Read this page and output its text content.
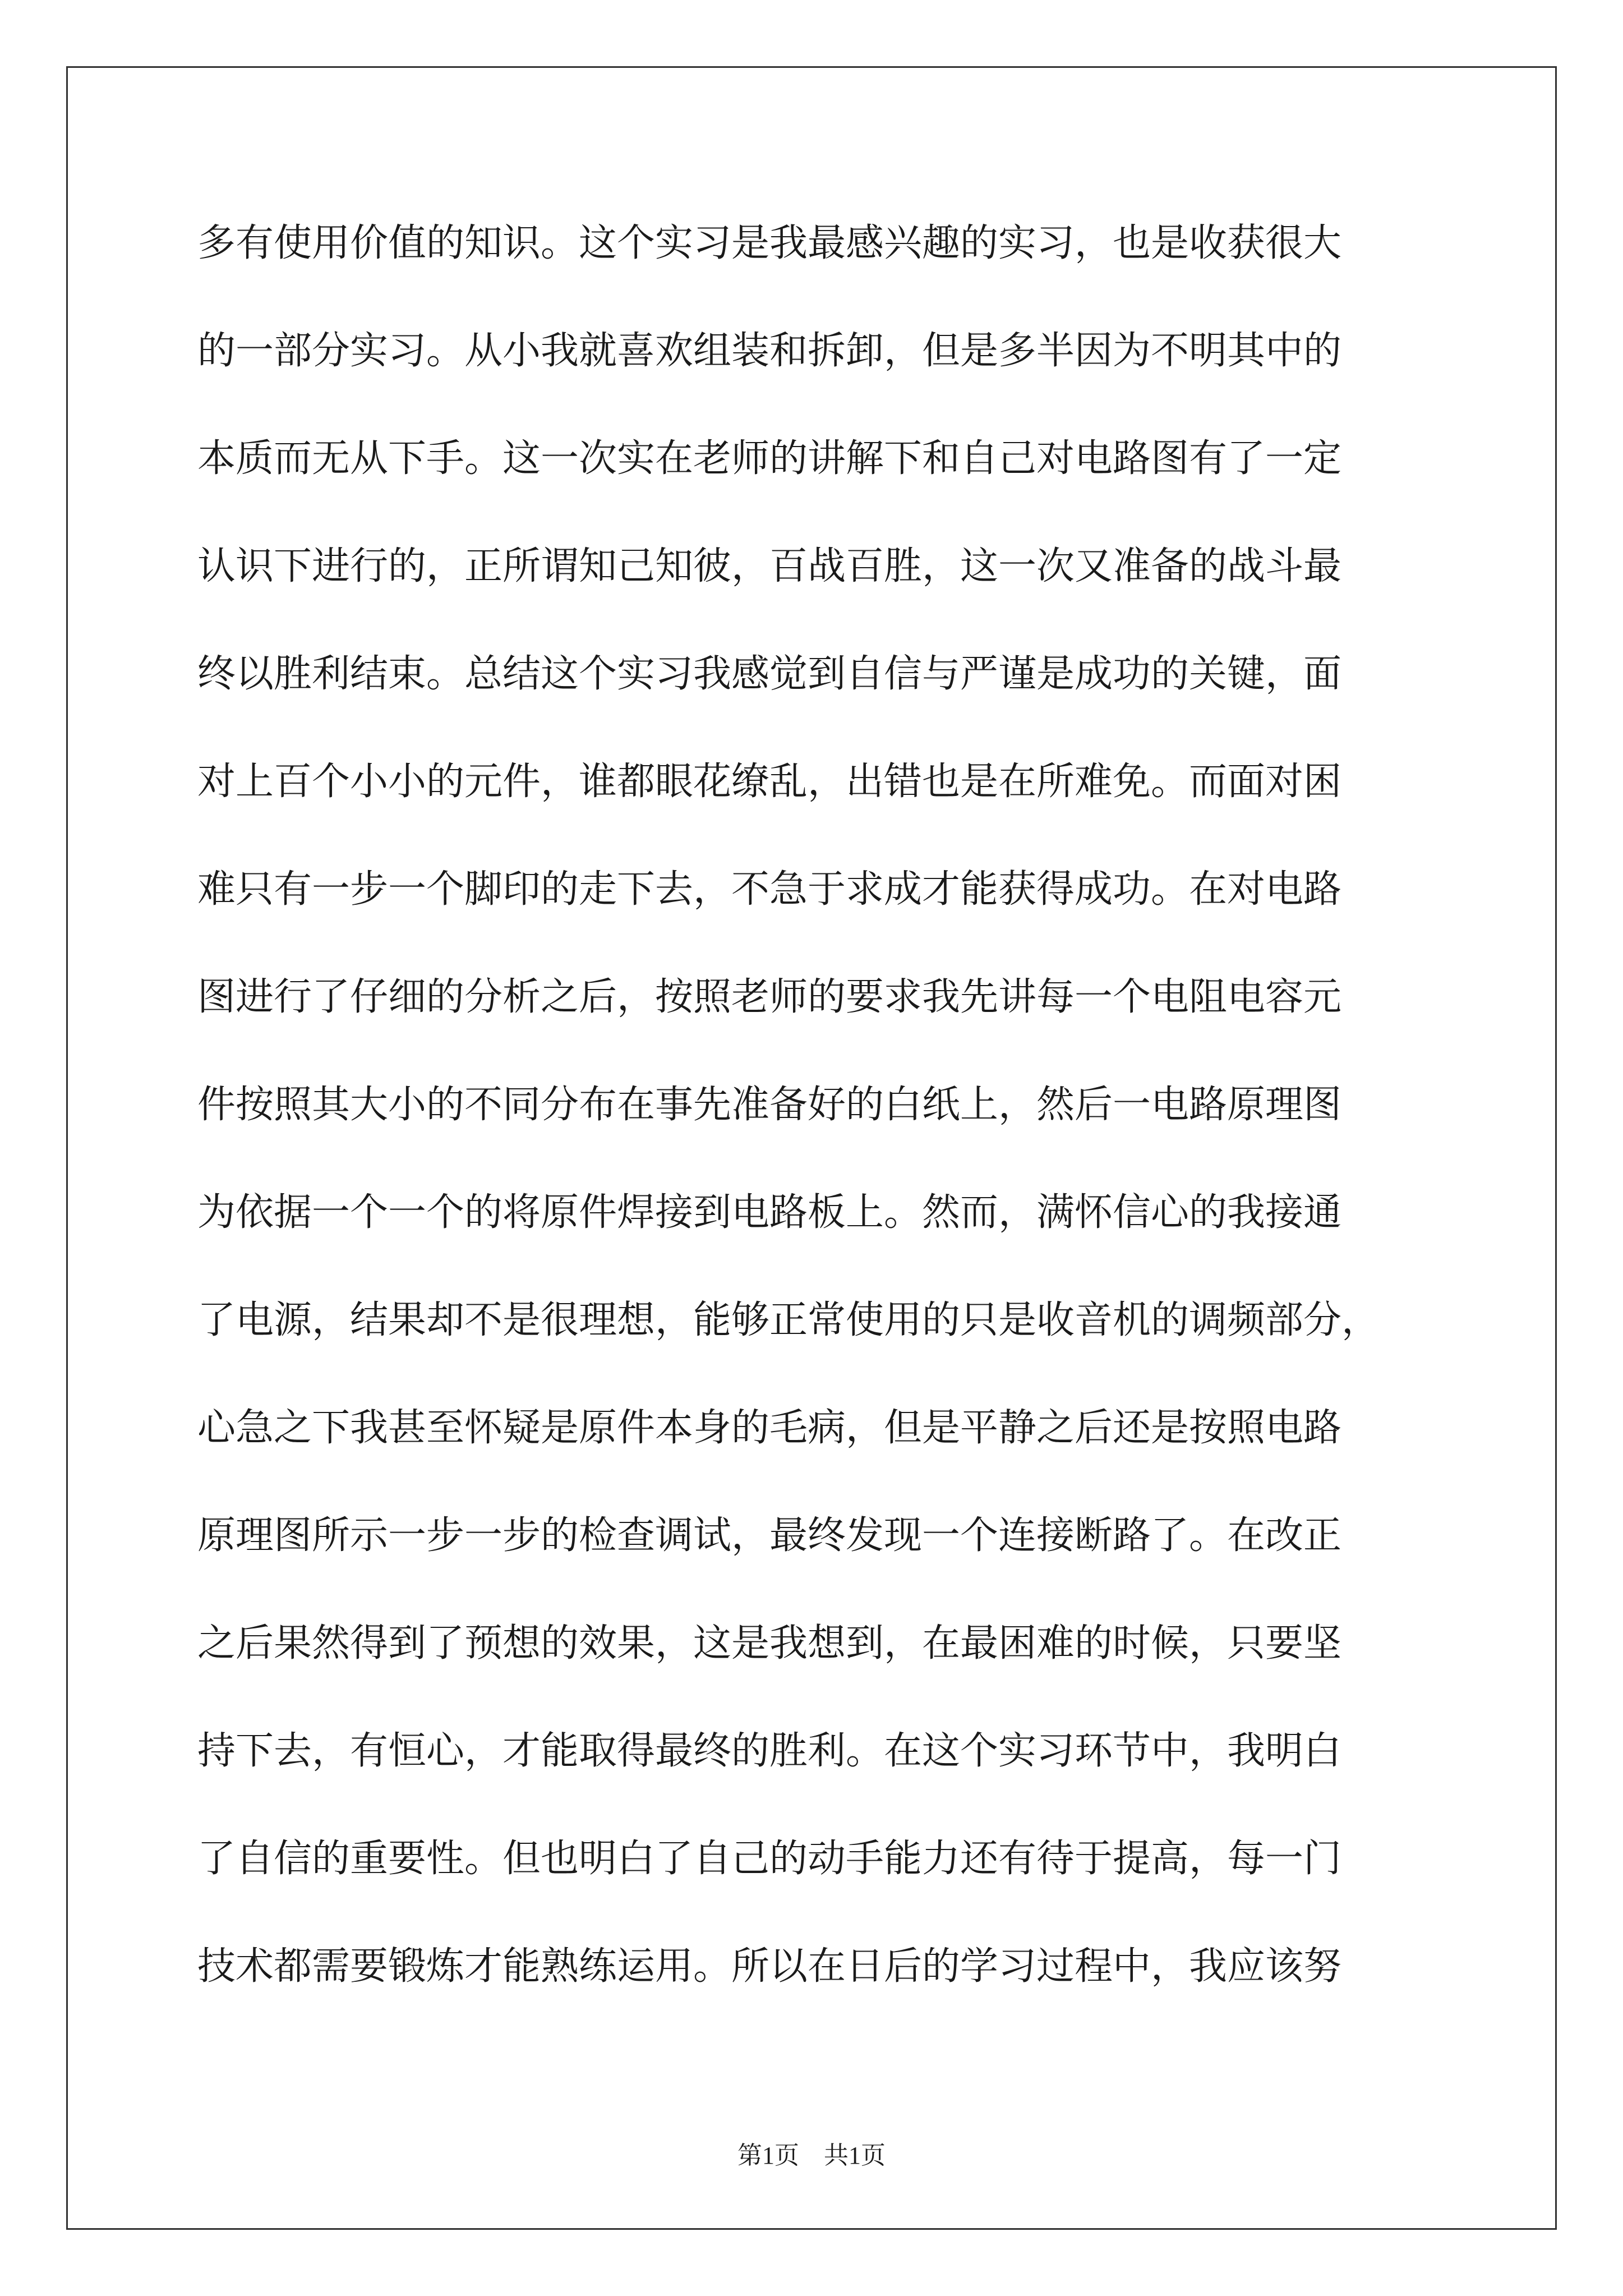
多有使用价值的知识。这个实习是我最感兴趣的实习，也是收获很大
的一部分实习。从小我就喜欢组装和拆卸，但是多半因为不明其中的
本质而无从下手。这一次实在老师的讲解下和自己对电路图有了一定
认识下进行的，正所谓知己知彼，百战百胜，这一次又准备的战斗最
终以胜利结束。总结这个实习我感觉到自信与严谨是成功的关键，面
对上百个小小的元件，谁都眼花缭乱，出错也是在所难免。而面对困
难只有一步一个脚印的走下去，不急于求成才能获得成功。在对电路
图进行了仔细的分析之后，按照老师的要求我先讲每一个电阻电容元
件按照其大小的不同分布在事先准备好的白纸上，然后一电路原理图
为依据一个一个的将原件焊接到电路板上。然而，满怀信心的我接通
了电源，结果却不是很理想，能够正常使用的只是收音机的调频部分，
心急之下我甚至怀疑是原件本身的毛病，但是平静之后还是按照电路
原理图所示一步一步的检查调试，最终发现一个连接断路了。在改正
之后果然得到了预想的效果，这是我想到，在最困难的时候，只要坚
持下去，有恒心，才能取得最终的胜利。在这个实习环节中，我明白
了自信的重要性。但也明白了自己的动手能力还有待于提高，每一门
技术都需要锻炼才能熟练运用。所以在日后的学习过程中，我应该努
第1页　共1页
